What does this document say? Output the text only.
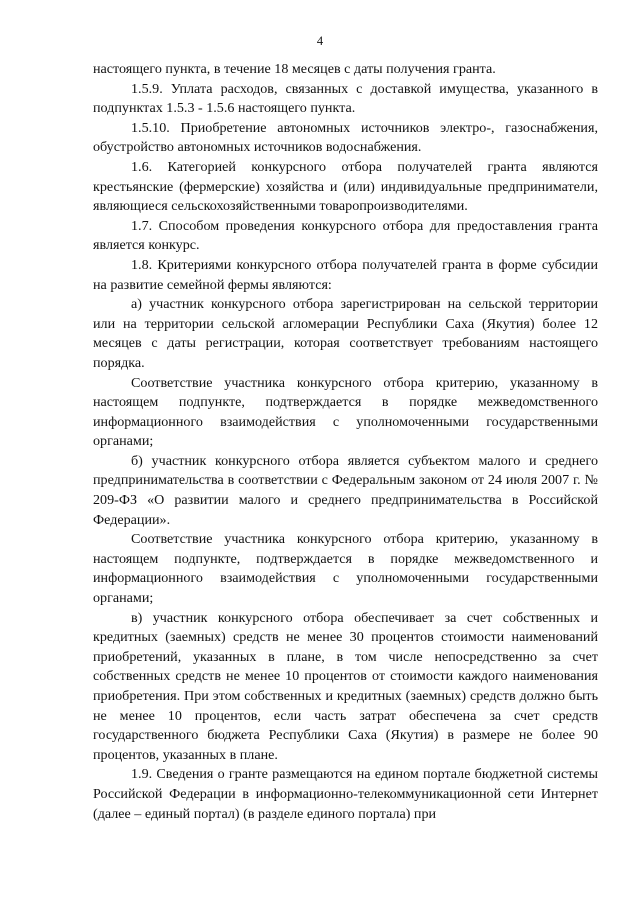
4

настоящего пункта, в течение 18 месяцев с даты получения гранта.

1.5.9. Уплата расходов, связанных с доставкой имущества, указанного в подпунктах 1.5.3 - 1.5.6 настоящего пункта.

1.5.10. Приобретение автономных источников электро-, газоснабжения, обустройство автономных источников водоснабжения.

1.6. Категорией конкурсного отбора получателей гранта являются крестьянские (фермерские) хозяйства и (или) индивидуальные предприниматели, являющиеся сельскохозяйственными товаропроизводителями.

1.7. Способом проведения конкурсного отбора для предоставления гранта является конкурс.

1.8. Критериями конкурсного отбора получателей гранта в форме субсидии на развитие семейной фермы являются:

а) участник конкурсного отбора зарегистрирован на сельской территории или на территории сельской агломерации Республики Саха (Якутия) более 12 месяцев с даты регистрации, которая соответствует требованиям настоящего порядка.

Соответствие участника конкурсного отбора критерию, указанному в настоящем подпункте, подтверждается в порядке межведомственного информационного взаимодействия с уполномоченными государственными органами;

б) участник конкурсного отбора является субъектом малого и среднего предпринимательства в соответствии с Федеральным законом от 24 июля 2007 г. № 209-ФЗ «О развитии малого и среднего предпринимательства в Российской Федерации».

Соответствие участника конкурсного отбора критерию, указанному в настоящем подпункте, подтверждается в порядке межведомственного и информационного взаимодействия с уполномоченными государственными органами;

в) участник конкурсного отбора обеспечивает за счет собственных и кредитных (заемных) средств не менее 30 процентов стоимости наименований приобретений, указанных в плане, в том числе непосредственно за счет собственных средств не менее 10 процентов от стоимости каждого наименования приобретения. При этом собственных и кредитных (заемных) средств должно быть не менее 10 процентов, если часть затрат обеспечена за счет средств государственного бюджета Республики Саха (Якутия) в размере не более 90 процентов, указанных в плане.

1.9. Сведения о гранте размещаются на едином портале бюджетной системы Российской Федерации в информационно-телекоммуникационной сети Интернет (далее – единый портал) (в разделе единого портала) при
